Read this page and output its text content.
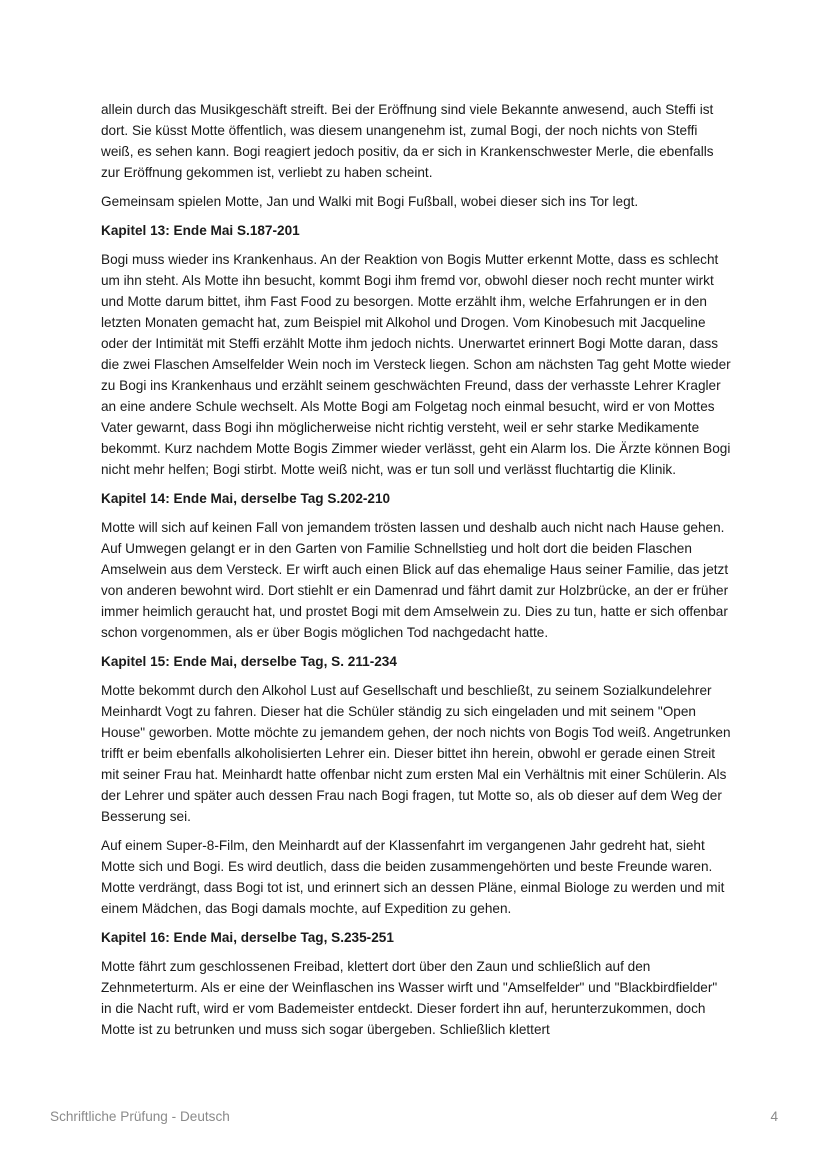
allein durch das Musikgeschäft streift. Bei der Eröffnung sind viele Bekannte anwesend, auch Steffi ist dort. Sie küsst Motte öffentlich, was diesem unangenehm ist, zumal Bogi, der noch nichts von Steffi weiß, es sehen kann. Bogi reagiert jedoch positiv, da er sich in Krankenschwester Merle, die ebenfalls zur Eröffnung gekommen ist, verliebt zu haben scheint.

Gemeinsam spielen Motte, Jan und Walki mit Bogi Fußball, wobei dieser sich ins Tor legt.

Kapitel 13: Ende Mai S.187-201

Bogi muss wieder ins Krankenhaus. An der Reaktion von Bogis Mutter erkennt Motte, dass es schlecht um ihn steht. Als Motte ihn besucht, kommt Bogi ihm fremd vor, obwohl dieser noch recht munter wirkt und Motte darum bittet, ihm Fast Food zu besorgen. Motte erzählt ihm, welche Erfahrungen er in den letzten Monaten gemacht hat, zum Beispiel mit Alkohol und Drogen. Vom Kinobesuch mit Jacqueline oder der Intimität mit Steffi erzählt Motte ihm jedoch nichts. Unerwartet erinnert Bogi Motte daran, dass die zwei Flaschen Amselfelder Wein noch im Versteck liegen. Schon am nächsten Tag geht Motte wieder zu Bogi ins Krankenhaus und erzählt seinem geschwächten Freund, dass der verhasste Lehrer Kragler an eine andere Schule wechselt. Als Motte Bogi am Folgetag noch einmal besucht, wird er von Mottes Vater gewarnt, dass Bogi ihn möglicherweise nicht richtig versteht, weil er sehr starke Medikamente bekommt. Kurz nachdem Motte Bogis Zimmer wieder verlässt, geht ein Alarm los. Die Ärzte können Bogi nicht mehr helfen; Bogi stirbt. Motte weiß nicht, was er tun soll und verlässt fluchtartig die Klinik.

Kapitel 14: Ende Mai, derselbe Tag S.202-210

Motte will sich auf keinen Fall von jemandem trösten lassen und deshalb auch nicht nach Hause gehen. Auf Umwegen gelangt er in den Garten von Familie Schnellstieg und holt dort die beiden Flaschen Amselwein aus dem Versteck. Er wirft auch einen Blick auf das ehemalige Haus seiner Familie, das jetzt von anderen bewohnt wird. Dort stiehlt er ein Damenrad und fährt damit zur Holzbrücke, an der er früher immer heimlich geraucht hat, und prostet Bogi mit dem Amselwein zu. Dies zu tun, hatte er sich offenbar schon vorgenommen, als er über Bogis möglichen Tod nachgedacht hatte.

Kapitel 15: Ende Mai, derselbe Tag, S. 211-234

Motte bekommt durch den Alkohol Lust auf Gesellschaft und beschließt, zu seinem Sozialkundelehrer Meinhardt Vogt zu fahren. Dieser hat die Schüler ständig zu sich eingeladen und mit seinem "Open House" geworben. Motte möchte zu jemandem gehen, der noch nichts von Bogis Tod weiß. Angetrunken trifft er beim ebenfalls alkoholisierten Lehrer ein. Dieser bittet ihn herein, obwohl er gerade einen Streit mit seiner Frau hat. Meinhardt hatte offenbar nicht zum ersten Mal ein Verhältnis mit einer Schülerin. Als der Lehrer und später auch dessen Frau nach Bogi fragen, tut Motte so, als ob dieser auf dem Weg der Besserung sei.

Auf einem Super-8-Film, den Meinhardt auf der Klassenfahrt im vergangenen Jahr gedreht hat, sieht Motte sich und Bogi. Es wird deutlich, dass die beiden zusammengehörten und beste Freunde waren. Motte verdrängt, dass Bogi tot ist, und erinnert sich an dessen Pläne, einmal Biologe zu werden und mit einem Mädchen, das Bogi damals mochte, auf Expedition zu gehen.

Kapitel 16: Ende Mai, derselbe Tag, S.235-251

Motte fährt zum geschlossenen Freibad, klettert dort über den Zaun und schließlich auf den Zehnmeterturm. Als er eine der Weinflaschen ins Wasser wirft und "Amselfelder" und "Blackbirdfielder" in die Nacht ruft, wird er vom Bademeister entdeckt. Dieser fordert ihn auf, herunterzukommen, doch Motte ist zu betrunken und muss sich sogar übergeben. Schließlich klettert

Schriftliche Prüfung - Deutsch	4
